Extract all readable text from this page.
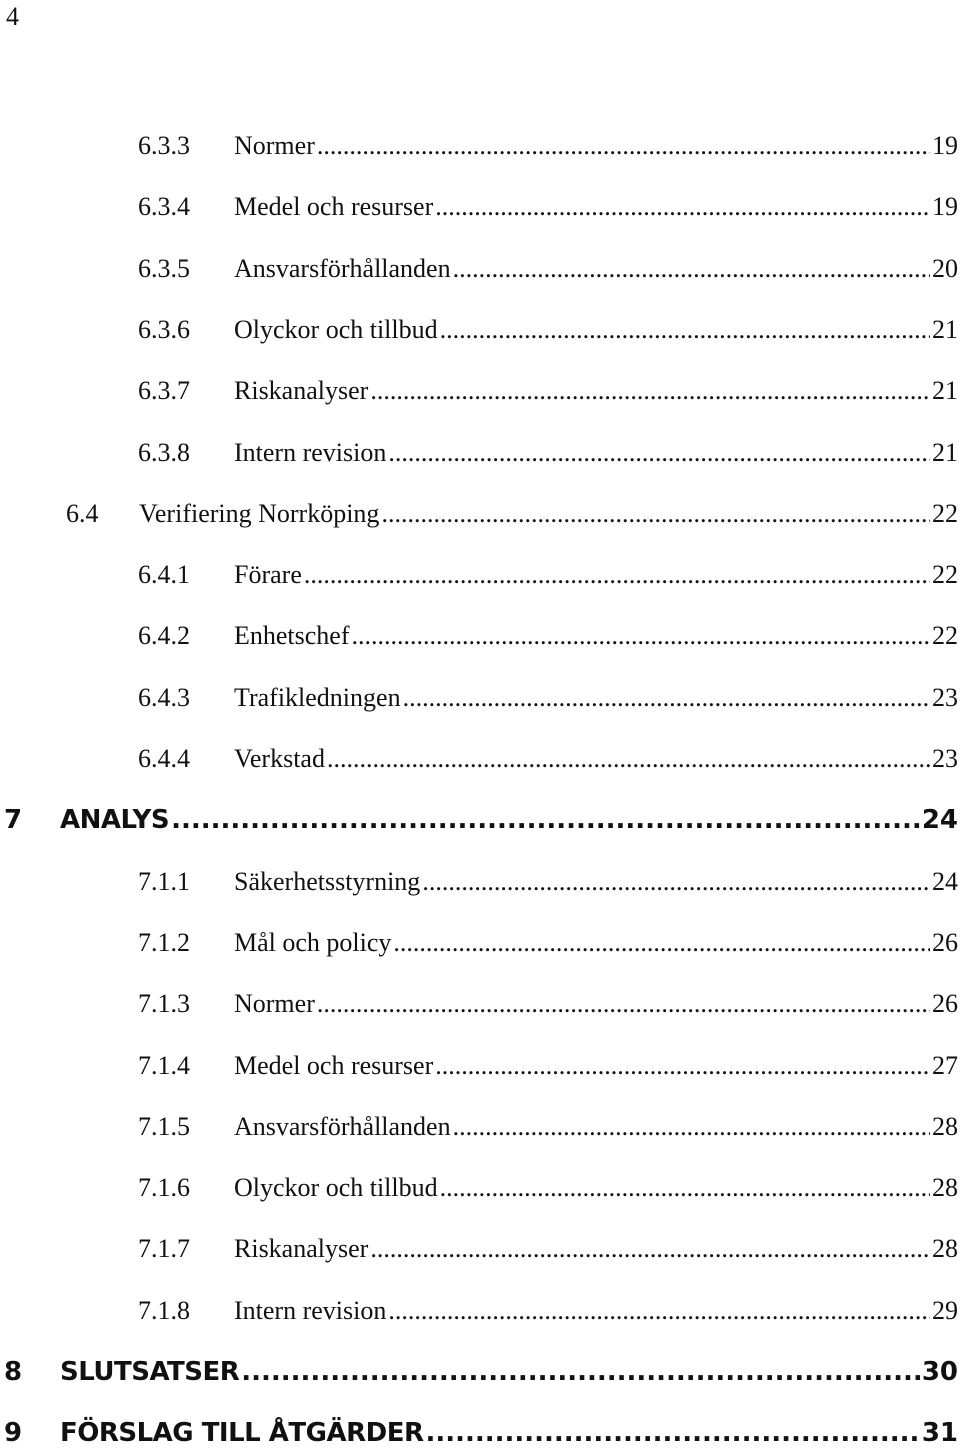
4
6.3.3 Normer .....	19
6.3.4 Medel och resurser .....	19
6.3.5 Ansvarsförhållanden .....	20
6.3.6 Olyckor och tillbud .....	21
6.3.7 Riskanalyser .....	21
6.3.8 Intern revision .....	21
6.4 Verifiering Norrköping .....	22
6.4.1 Förare .....	22
6.4.2 Enhetschef .....	22
6.4.3 Trafikledningen .....	23
6.4.4 Verkstad .....	23
7 ANALYS .....	24
7.1.1 Säkerhetsstyrning .....	24
7.1.2 Mål och policy .....	26
7.1.3 Normer .....	26
7.1.4 Medel och resurser .....	27
7.1.5 Ansvarsförhållanden .....	28
7.1.6 Olyckor och tillbud .....	28
7.1.7 Riskanalyser .....	28
7.1.8 Intern revision .....	29
8 SLUTSATSER .....	30
9 FÖRSLAG TILL ÅTGÄRDER .....	31
